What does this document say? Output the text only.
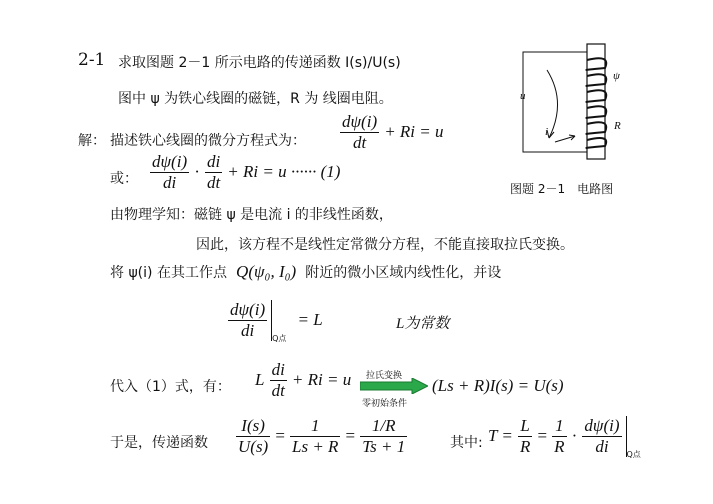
2-1 求取图题 2－1 所示电路的传递函数 I(s)/U(s)
图中 ψ 为铁心线圈的磁链，R 为 线圈电阻。	u
i
ψ
R
图题 2－1　电路图
解： 描述铁心线圈的微分方程式为： $\frac{d\psi(i)}{dt} + Ri = u$
或： $\frac{d\psi(i)}{di} \cdot \frac{di}{dt} + Ri = u$ ······ (1)
由物理学知：磁链 ψ 是电流 i 的非线性函数，
因此，该方程不是线性定常微分方程，不能直接取拉氏变换。
将 ψ(i) 在其工作点 Q(ψ₀, I₀) 附近的微小区域内线性化，并设
$\frac{d\psi(i)}{di} _{Q点} = L$	L为常数
代入（1）式，有： L $\frac{di}{dt} + Ri = u$ 拉氏变换
零初始条件
(Ls + R)I(s) = U(s)
于是，传递函数 $\frac{I(s)}{U(s)} = \frac{1}{Ls + R} = \frac{1/R}{Ts + 1}$	其中: $T = \frac{L}{R} = \frac{1}{R} \cdot \frac{d\psi(i)}{di} _{Q点}$
